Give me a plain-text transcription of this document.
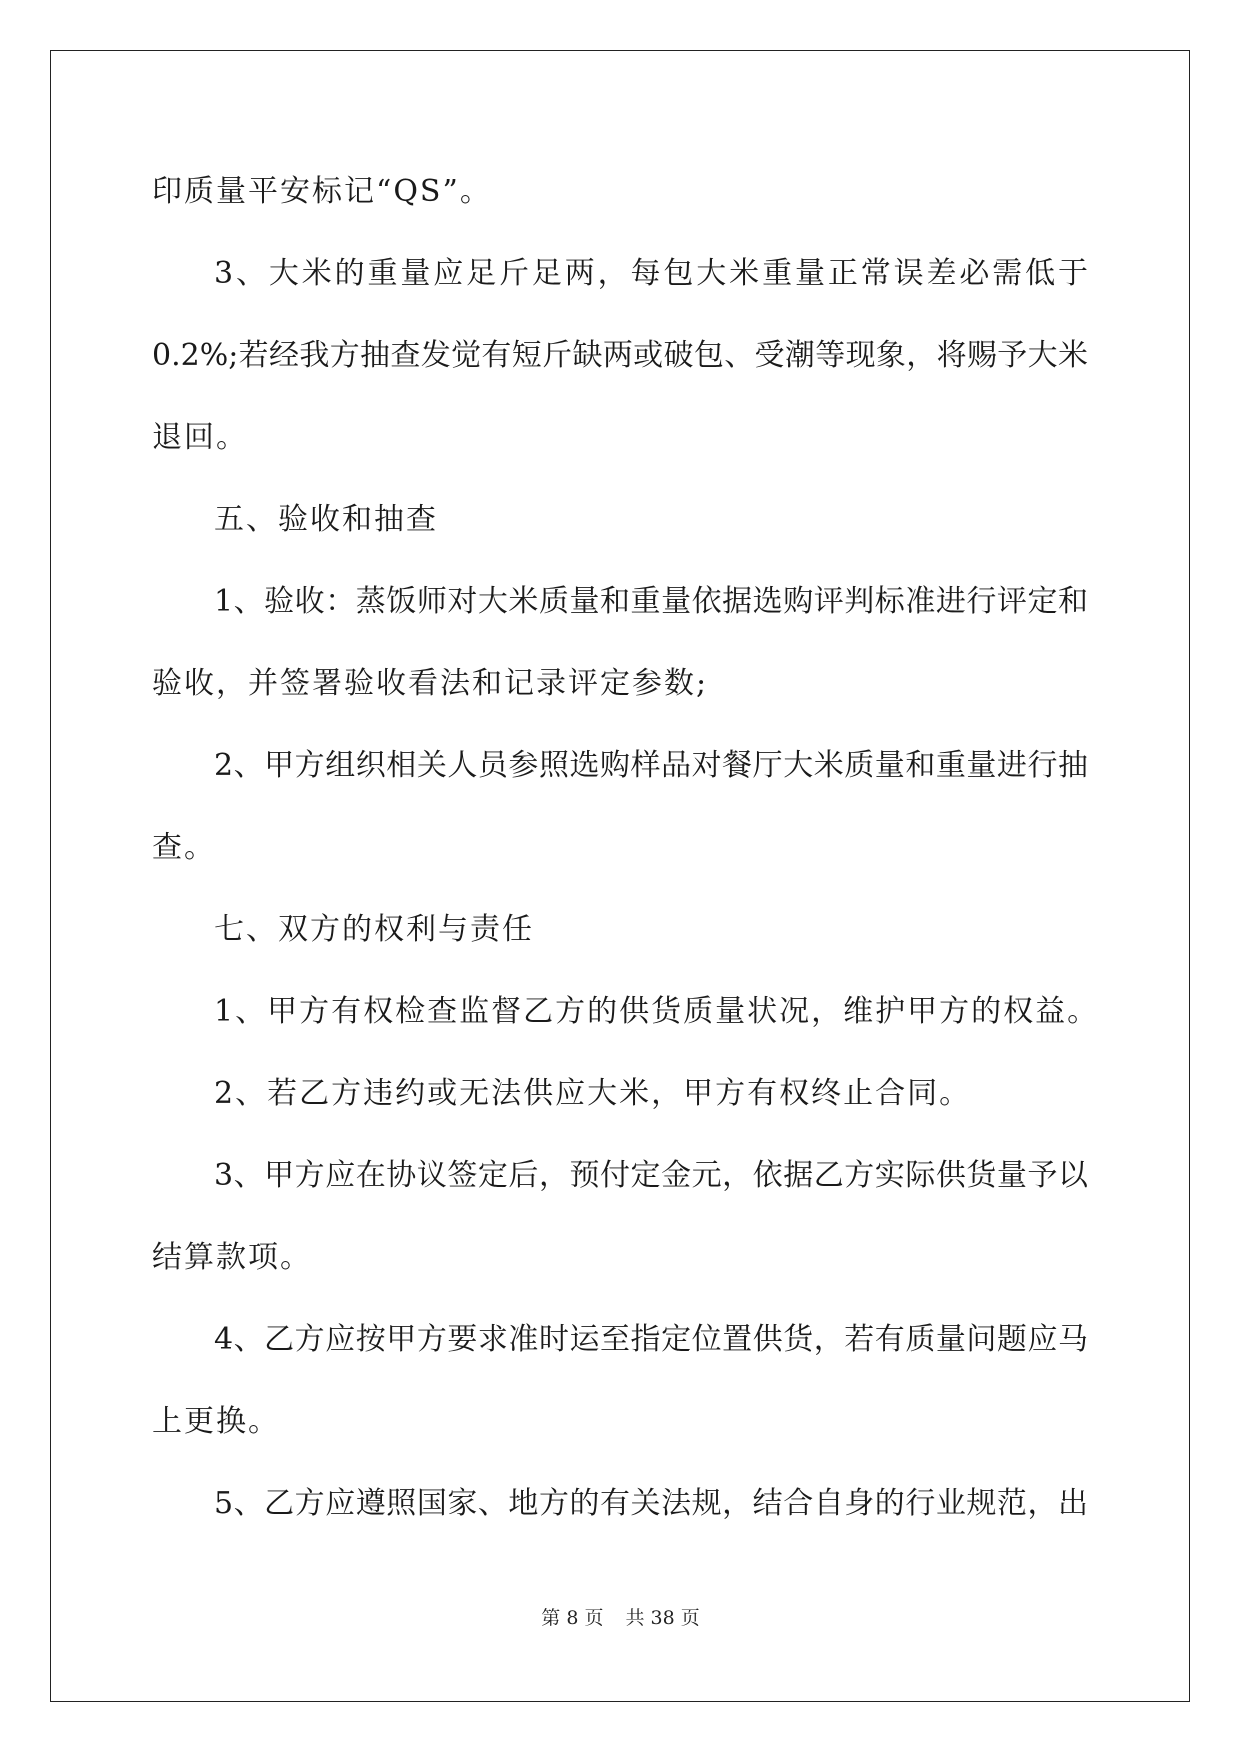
印质量平安标记“QS”。
3、大米的重量应足斤足两，每包大米重量正常误差必需低于
0.2%;若经我方抽查发觉有短斤缺两或破包、受潮等现象，将赐予大米
退回。
五、验收和抽查
1、验收：蒸饭师对大米质量和重量依据选购评判标准进行评定和
验收，并签署验收看法和记录评定参数;
2、甲方组织相关人员参照选购样品对餐厅大米质量和重量进行抽
查。
七、双方的权利与责任
1、甲方有权检查监督乙方的供货质量状况，维护甲方的权益。
2、若乙方违约或无法供应大米，甲方有权终止合同。
3、甲方应在协议签定后，预付定金元，依据乙方实际供货量予以
结算款项。
4、乙方应按甲方要求准时运至指定位置供货，若有质量问题应马
上更换。
5、乙方应遵照国家、地方的有关法规，结合自身的行业规范，出
第 8 页 共 38 页
